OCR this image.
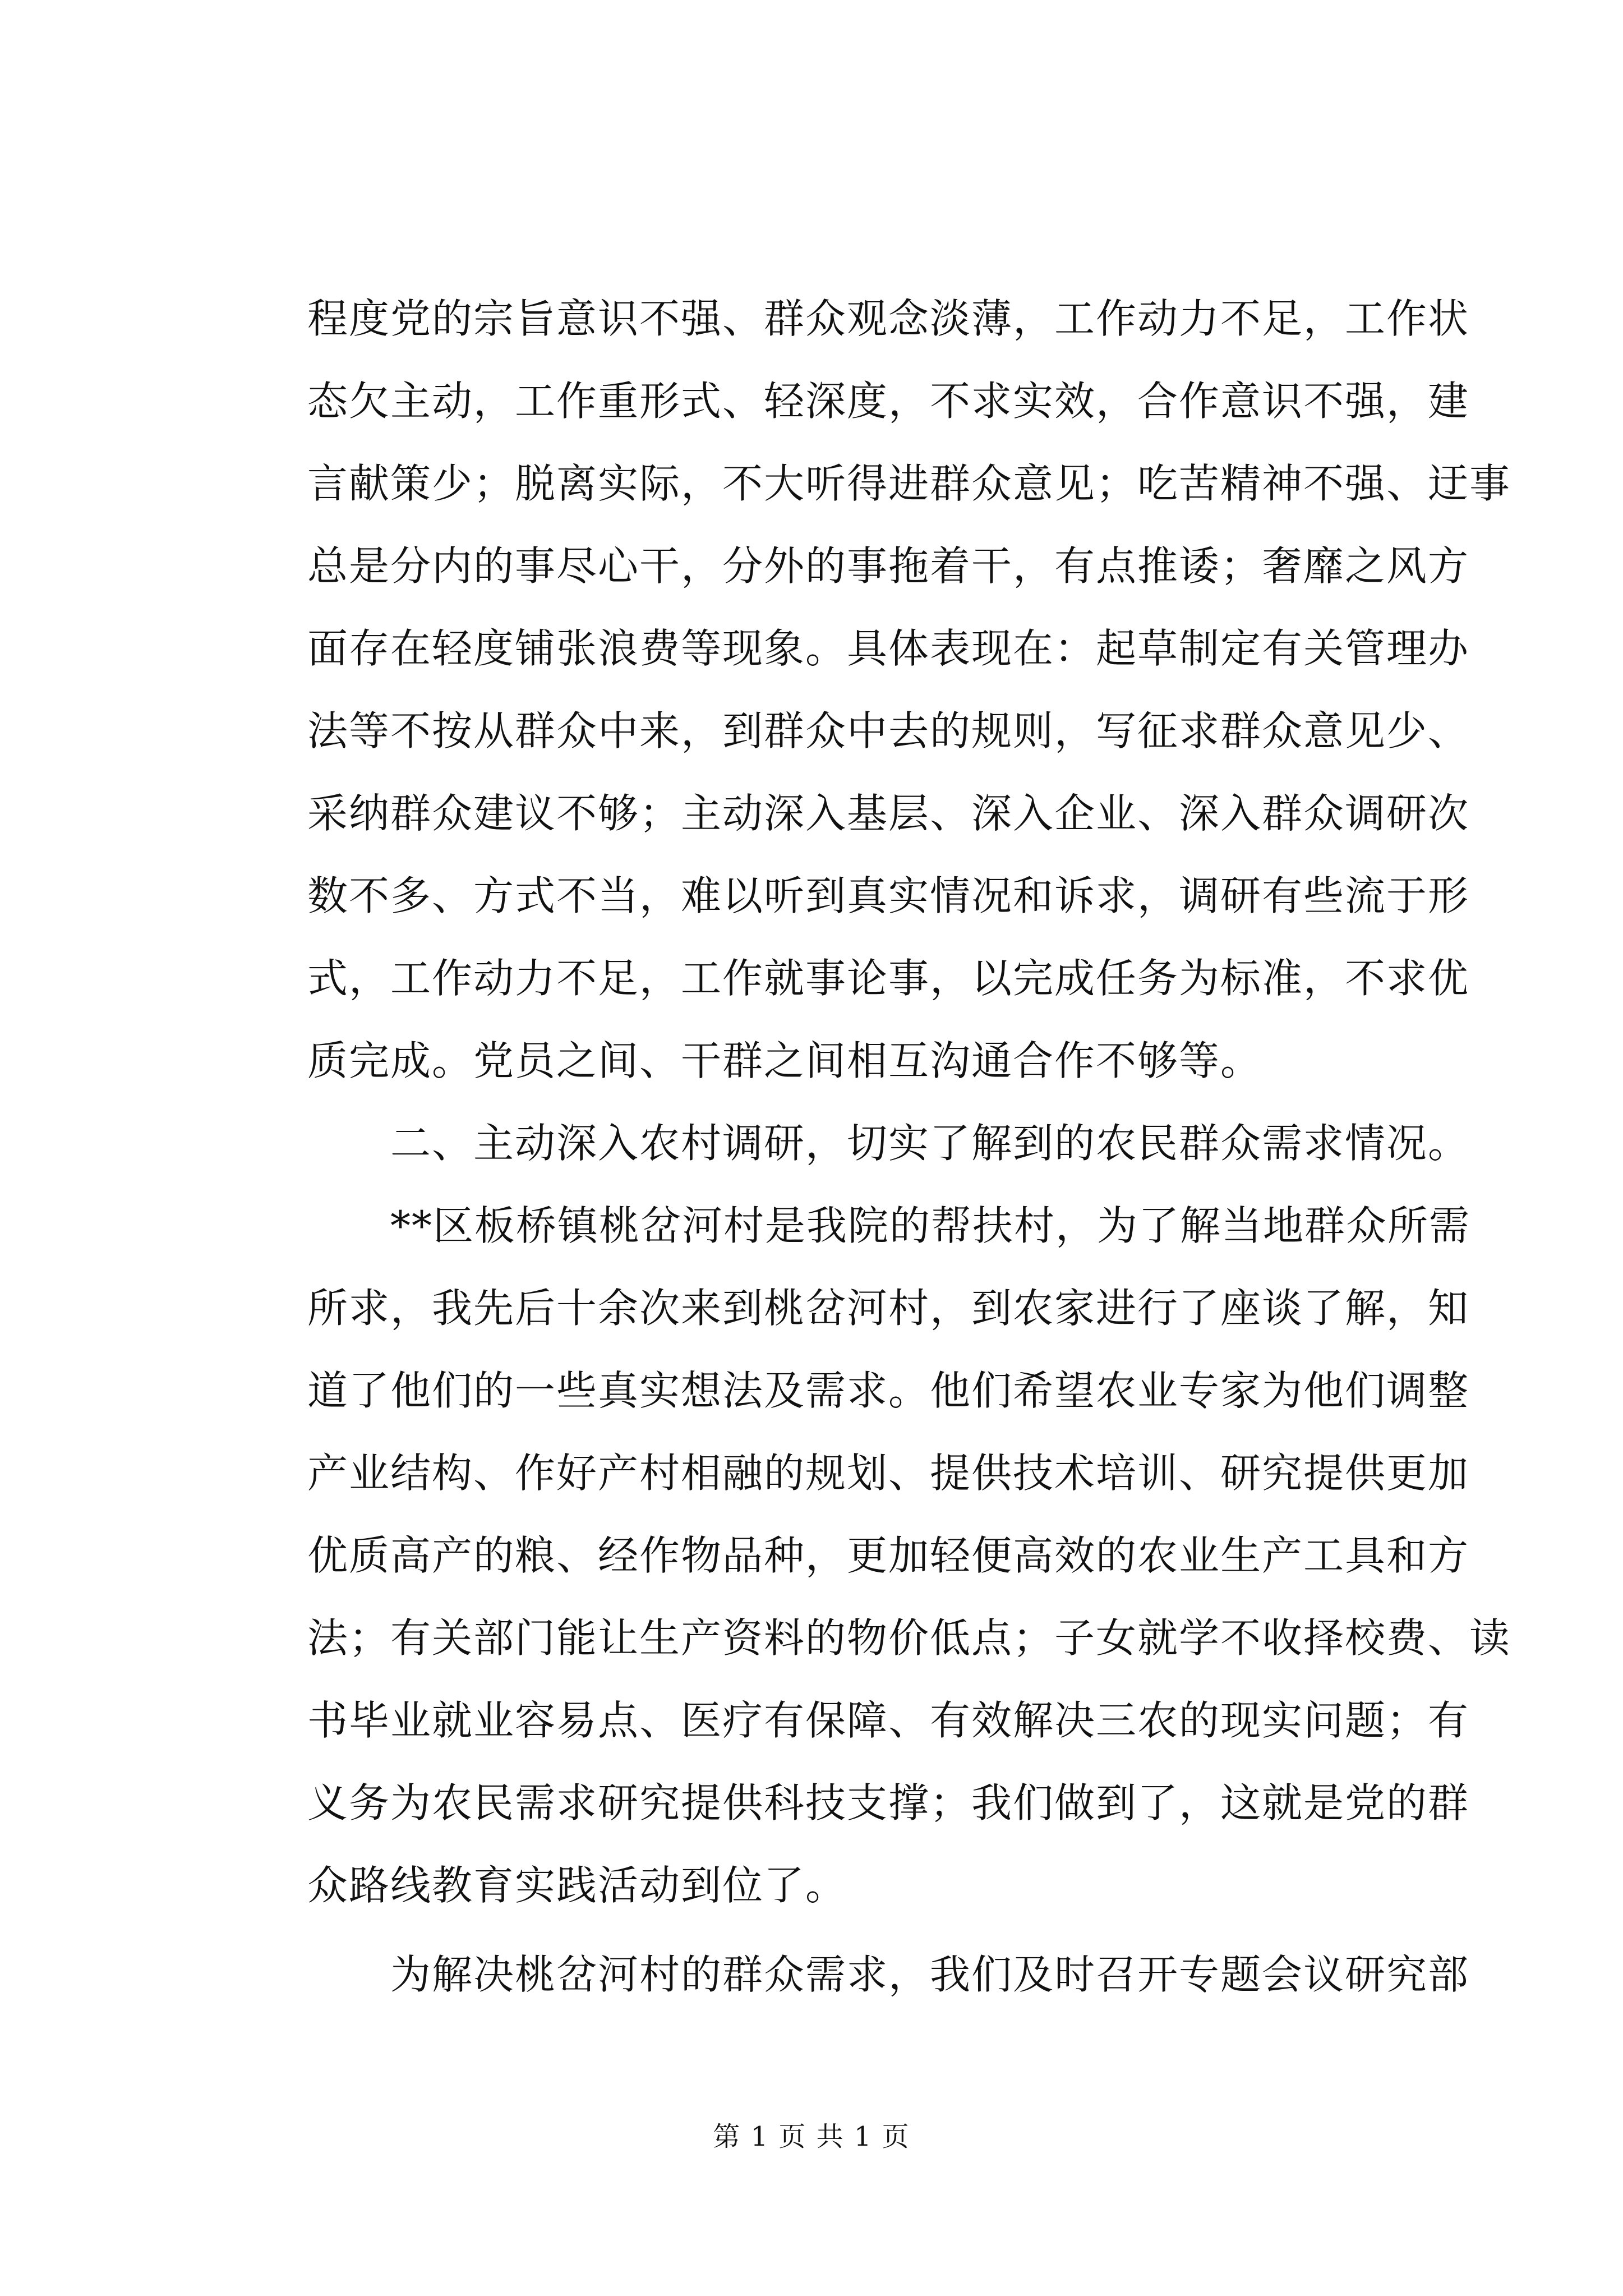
程度党的宗旨意识不强、群众观念淡薄，工作动力不足，工作状
态欠主动，工作重形式、轻深度，不求实效，合作意识不强，建
言献策少；脱离实际，不大听得进群众意见；吃苦精神不强、迂事
总是分内的事尽心干，分外的事拖着干，有点推诿；奢靡之风方
面存在轻度铺张浪费等现象。具体表现在：起草制定有关管理办
法等不按从群众中来，到群众中去的规则，写征求群众意见少、
采纳群众建议不够；主动深入基层、深入企业、深入群众调研次
数不多、方式不当，难以听到真实情况和诉求，调研有些流于形
式，工作动力不足，工作就事论事，以完成任务为标准，不求优
质完成。党员之间、干群之间相互沟通合作不够等。
　　二、主动深入农村调研，切实了解到的农民群众需求情况。
　　**区板桥镇桃岔河村是我院的帮扶村，为了解当地群众所需
所求，我先后十余次来到桃岔河村，到农家进行了座谈了解，知
道了他们的一些真实想法及需求。他们希望农业专家为他们调整
产业结构、作好产村相融的规划、提供技术培训、研究提供更加
优质高产的粮、经作物品种，更加轻便高效的农业生产工具和方
法；有关部门能让生产资料的物价低点；子女就学不收择校费、读
书毕业就业容易点、医疗有保障、有效解决三农的现实问题；有
义务为农民需求研究提供科技支撑；我们做到了，这就是党的群
众路线教育实践活动到位了。
　　为解决桃岔河村的群众需求，我们及时召开专题会议研究部
第 1 页 共 1 页
